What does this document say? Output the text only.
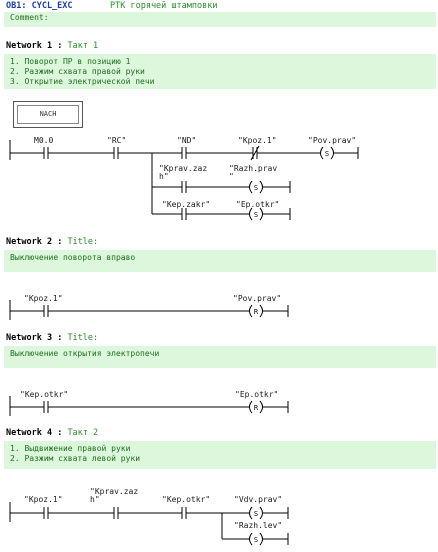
OB1: CYCL_EXC	РТК горячей штамповки
Comment:
Network 1 : Такт 1
1. Поворот ПР в позицию 1
2. Разжим схвата правой руки
3. Открытие электрической печи
NACH
M0.0	"RC"	"ND"	"Kpoz.1"	"Pov.prav"
"Kprav.zaz
h"
"Razh.prav
"
"Kep.zakr"	"Ep.otkr"
Network 2 : Title:
Выключение поворота вправо
"Kpoz.1"	"Pov.prav"
Network 3 : Title:
Выключение открытия электропечи
"Kep.otkr"	"Ep.otkr"
Network 4 : Такт 2
1. Выдвижение правой руки
2. Разжим схвата левой руки
"Kpoz.1"
"Kprav.zaz
h"	"Kep.otkr"	"Vdv.prav"
"Razh.lev"
S
S
S
R
R
S
S
